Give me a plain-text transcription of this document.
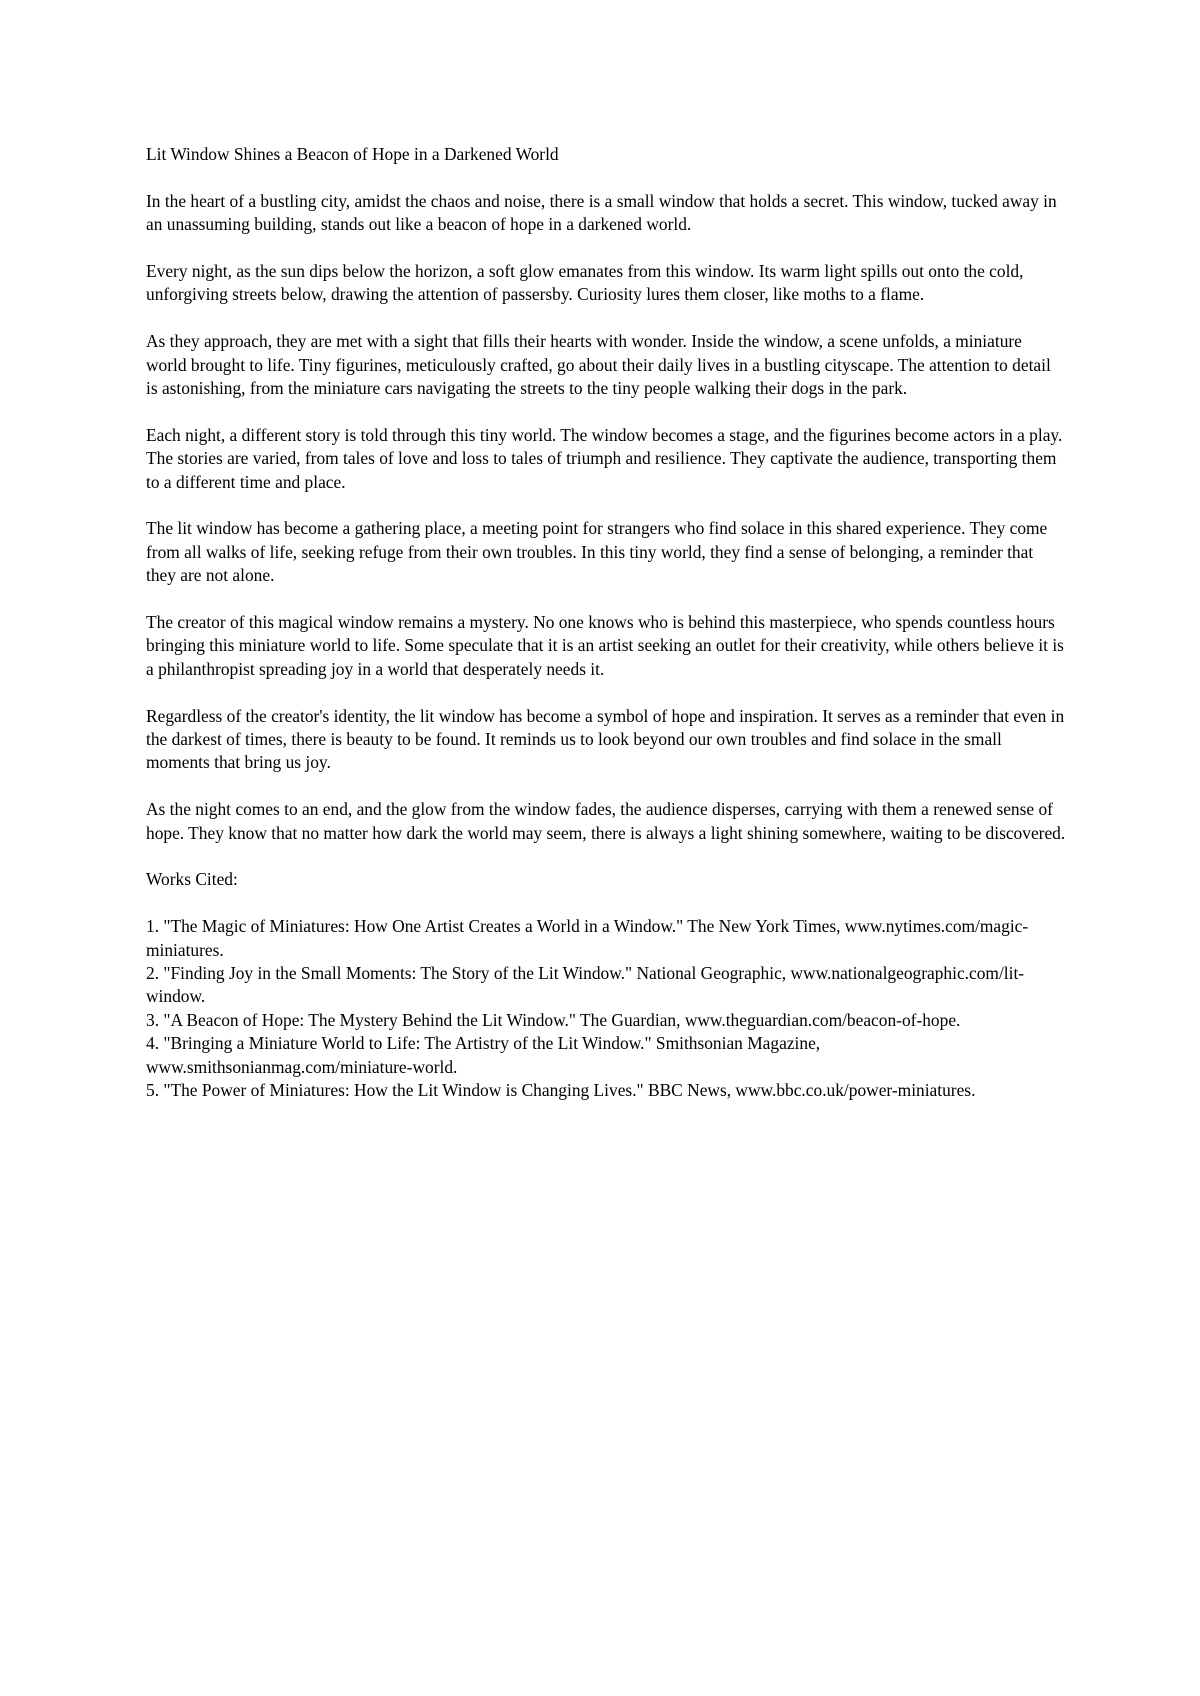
Lit Window Shines a Beacon of Hope in a Darkened World

In the heart of a bustling city, amidst the chaos and noise, there is a small window that holds a secret. This window, tucked away in an unassuming building, stands out like a beacon of hope in a darkened world.

Every night, as the sun dips below the horizon, a soft glow emanates from this window. Its warm light spills out onto the cold, unforgiving streets below, drawing the attention of passersby. Curiosity lures them closer, like moths to a flame.

As they approach, they are met with a sight that fills their hearts with wonder. Inside the window, a scene unfolds, a miniature world brought to life. Tiny figurines, meticulously crafted, go about their daily lives in a bustling cityscape. The attention to detail is astonishing, from the miniature cars navigating the streets to the tiny people walking their dogs in the park.

Each night, a different story is told through this tiny world. The window becomes a stage, and the figurines become actors in a play. The stories are varied, from tales of love and loss to tales of triumph and resilience. They captivate the audience, transporting them to a different time and place.

The lit window has become a gathering place, a meeting point for strangers who find solace in this shared experience. They come from all walks of life, seeking refuge from their own troubles. In this tiny world, they find a sense of belonging, a reminder that they are not alone.

The creator of this magical window remains a mystery. No one knows who is behind this masterpiece, who spends countless hours bringing this miniature world to life. Some speculate that it is an artist seeking an outlet for their creativity, while others believe it is a philanthropist spreading joy in a world that desperately needs it.

Regardless of the creator's identity, the lit window has become a symbol of hope and inspiration. It serves as a reminder that even in the darkest of times, there is beauty to be found. It reminds us to look beyond our own troubles and find solace in the small moments that bring us joy.

As the night comes to an end, and the glow from the window fades, the audience disperses, carrying with them a renewed sense of hope. They know that no matter how dark the world may seem, there is always a light shining somewhere, waiting to be discovered.

Works Cited:

1. "The Magic of Miniatures: How One Artist Creates a World in a Window." The New York Times, www.nytimes.com/magic-miniatures.
2. "Finding Joy in the Small Moments: The Story of the Lit Window." National Geographic, www.nationalgeographic.com/lit-window.
3. "A Beacon of Hope: The Mystery Behind the Lit Window." The Guardian, www.theguardian.com/beacon-of-hope.
4. "Bringing a Miniature World to Life: The Artistry of the Lit Window." Smithsonian Magazine, www.smithsonianmag.com/miniature-world.
5. "The Power of Miniatures: How the Lit Window is Changing Lives." BBC News, www.bbc.co.uk/power-miniatures.
